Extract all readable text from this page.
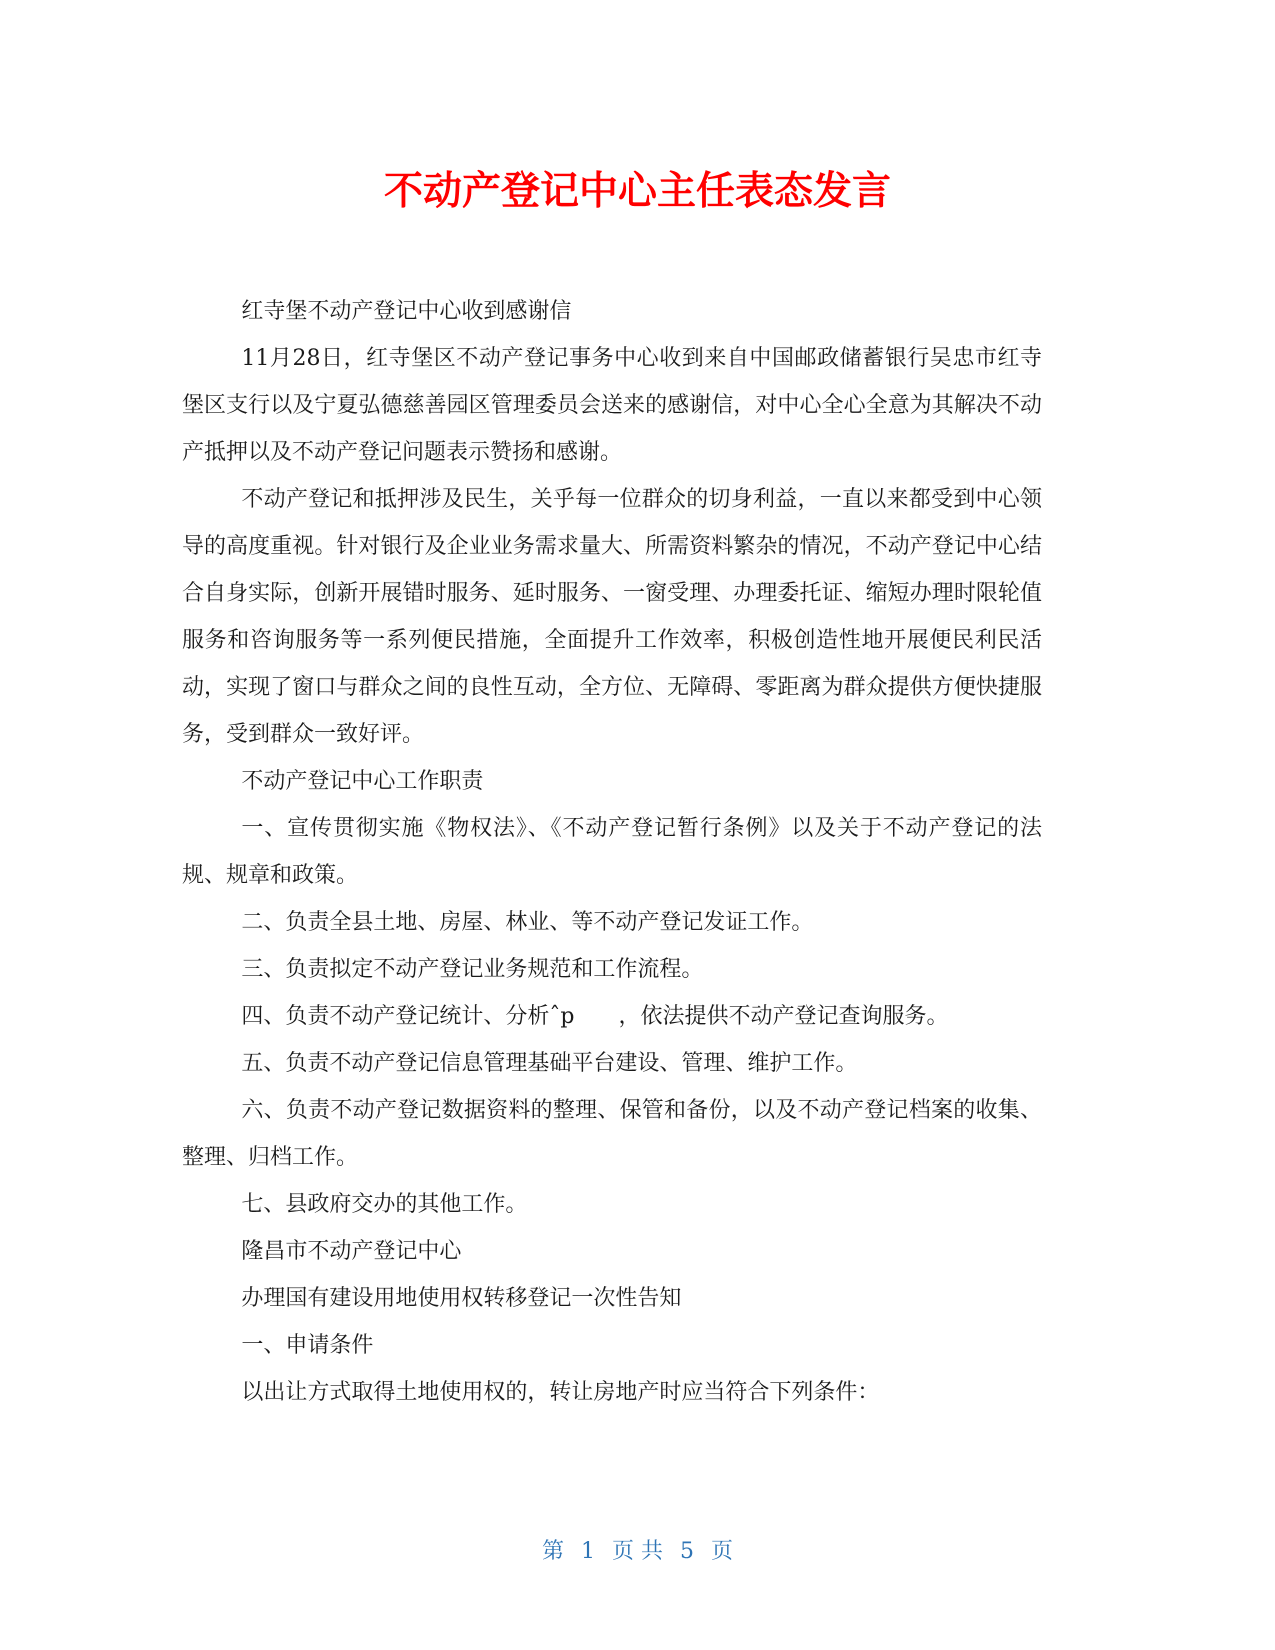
不动产登记中心主任表态发言

红寺堡不动产登记中心收到感谢信

11月28日，红寺堡区不动产登记事务中心收到来自中国邮政储蓄银行吴忠市红寺堡区支行以及宁夏弘德慈善园区管理委员会送来的感谢信，对中心全心全意为其解决不动产抵押以及不动产登记问题表示赞扬和感谢。

不动产登记和抵押涉及民生，关乎每一位群众的切身利益，一直以来都受到中心领导的高度重视。针对银行及企业业务需求量大、所需资料繁杂的情况，不动产登记中心结合自身实际，创新开展错时服务、延时服务、一窗受理、办理委托证、缩短办理时限轮值服务和咨询服务等一系列便民措施，全面提升工作效率，积极创造性地开展便民利民活动，实现了窗口与群众之间的良性互动，全方位、无障碍、零距离为群众提供方便快捷服务，受到群众一致好评。

不动产登记中心工作职责

一、宣传贯彻实施《物权法》、《不动产登记暂行条例》以及关于不动产登记的法规、规章和政策。

二、负责全县土地、房屋、林业、等不动产登记发证工作。

三、负责拟定不动产登记业务规范和工作流程。

四、负责不动产登记统计、分析ˆp　　，依法提供不动产登记查询服务。

五、负责不动产登记信息管理基础平台建设、管理、维护工作。

六、负责不动产登记数据资料的整理、保管和备份，以及不动产登记档案的收集、整理、归档工作。

七、县政府交办的其他工作。

隆昌市不动产登记中心

办理国有建设用地使用权转移登记一次性告知

一、申请条件

以出让方式取得土地使用权的，转让房地产时应当符合下列条件：

第 1 页 共 5 页
